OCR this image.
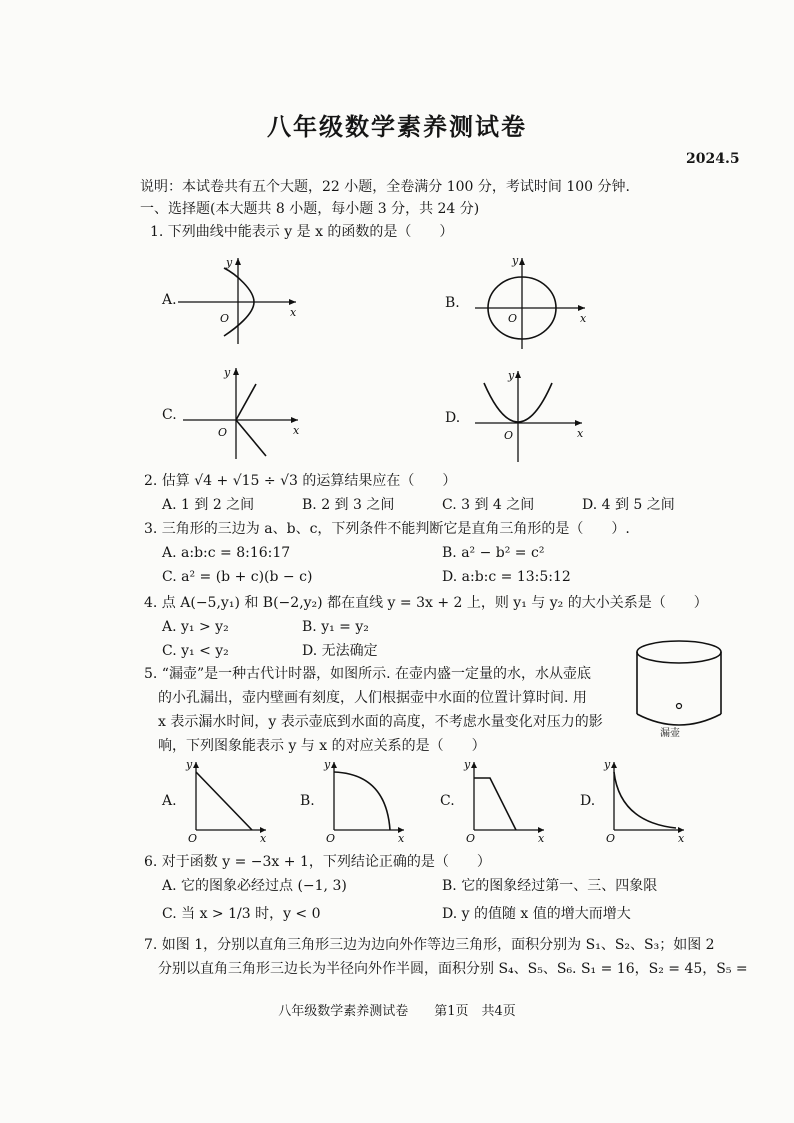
八年级数学素养测试卷
2024.5
说明：本试卷共有五个大题，22 小题，全卷满分 100 分，考试时间 100 分钟.
一、选择题(本大题共 8 小题，每小题 3 分，共 24 分)
1. 下列曲线中能表示 y 是 x 的函数的是（　　）
A.
x
y
O
B.
x
y
O
C.
x
y
O
D.
x
y
O
2. 估算 √4 + √15 ÷ √3 的运算结果应在（　　）
A. 1 到 2 之间	B. 2 到 3 之间	C. 3 到 4 之间	D. 4 到 5 之间
3. 三角形的三边为 a、b、c，下列条件不能判断它是直角三角形的是（　　）.
A. a:b:c = 8:16:17	B. a² − b² = c²
C. a² = (b + c)(b − c)	D. a:b:c = 13:5:12
4. 点 A(−5,y₁) 和 B(−2,y₂) 都在直线 y = 3x + 2 上，则 y₁ 与 y₂ 的大小关系是（　　）
A. y₁ > y₂	B. y₁ = y₂
C. y₁ < y₂	D. 无法确定
5. “漏壶”是一种古代计时器，如图所示. 在壶内盛一定量的水，水从壶底
的小孔漏出，壶内壁画有刻度，人们根据壶中水面的位置计算时间. 用
x 表示漏水时间，y 表示壶底到水面的高度，不考虑水量变化对压力的影
响，下列图象能表示 y 与 x 的对应关系的是（　　）
漏壶
A.
x
y
O
B.
x
y
O
C.
x
y
O
D.
x
y
O
6. 对于函数 y = −3x + 1，下列结论正确的是（　　）
A. 它的图象必经过点 (−1, 3)	B. 它的图象经过第一、三、四象限
C. 当 x > 1/3 时，y < 0	D. y 的值随 x 值的增大而增大
7. 如图 1，分别以直角三角形三边为边向外作等边三角形，面积分别为 S₁、S₂、S₃；如图 2
分别以直角三角形三边长为半径向外作半圆，面积分别 S₄、S₅、S₆. S₁ = 16，S₂ = 45，S₅ =
八年级数学素养测试卷　　第1页　共4页
